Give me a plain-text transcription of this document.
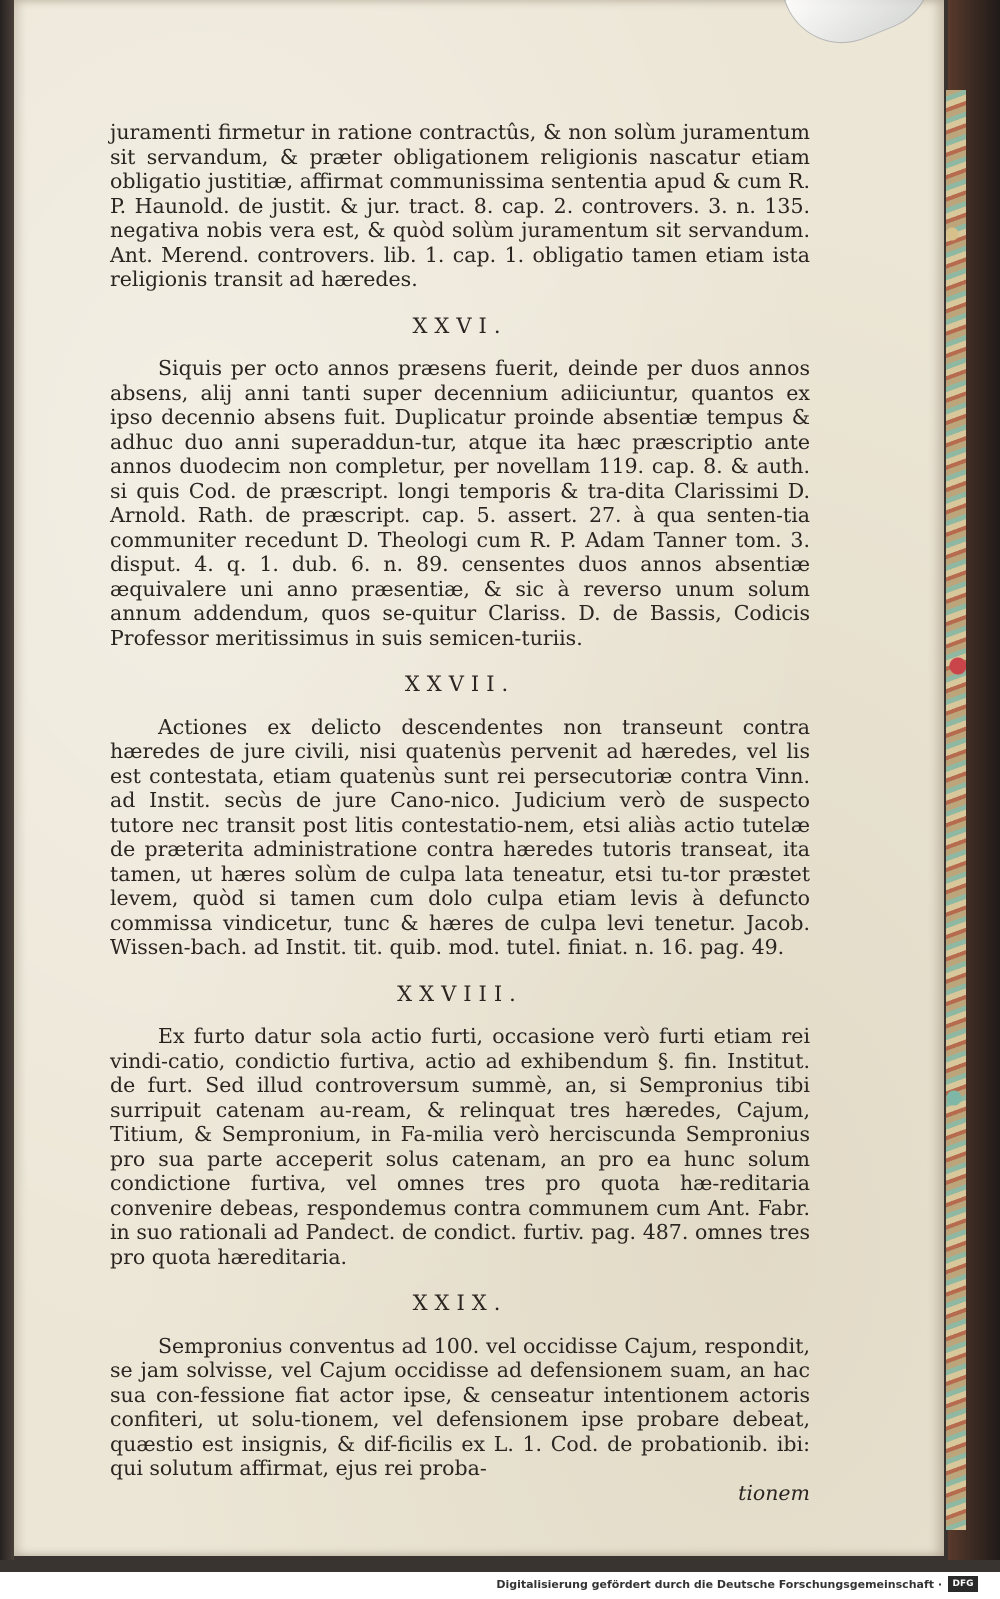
juramenti firmetur in ratione contractûs, & non solùm juramentum sit servandum, & præter obligationem religionis nascatur etiam obligatio justitiæ, affirmat communissima sententia apud & cum R. P. Haunold. de justit. & jur. tract. 8. cap. 2. controvers. 3. n. 135. negativa nobis vera est, & quòd solùm juramentum sit servandum. Ant. Merend. controvers. lib. 1. cap. 1. obligatio tamen etiam ista religionis transit ad hæredes.

XXVI.

Siquis per octo annos præsens fuerit, deinde per duos annos absens, alij anni tanti super decennium adiiciuntur, quantos ex ipso decennio absens fuit. Duplicatur proinde absentiæ tempus & adhuc duo anni superaddun-tur, atque ita hæc præscriptio ante annos duodecim non completur, per novellam 119. cap. 8. & auth. si quis Cod. de præscript. longi temporis & tra-dita Clarissimi D. Arnold. Rath. de præscript. cap. 5. assert. 27. à qua senten-tia communiter recedunt D. Theologi cum R. P. Adam Tanner tom. 3. disput. 4. q. 1. dub. 6. n. 89. censentes duos annos absentiæ æquivalere uni anno præsentiæ, & sic à reverso unum solum annum addendum, quos se-quitur Clariss. D. de Bassis, Codicis Professor meritissimus in suis semicen-turiis.

XXVII.

Actiones ex delicto descendentes non transeunt contra hæredes de jure civili, nisi quatenùs pervenit ad hæredes, vel lis est contestata, etiam quatenùs sunt rei persecutoriæ contra Vinn. ad Instit. secùs de jure Cano-nico. Judicium verò de suspecto tutore nec transit post litis contestatio-nem, etsi aliàs actio tutelæ de præterita administratione contra hæredes tutoris transeat, ita tamen, ut hæres solùm de culpa lata teneatur, etsi tu-tor præstet levem, quòd si tamen cum dolo culpa etiam levis à defuncto commissa vindicetur, tunc & hæres de culpa levi tenetur. Jacob. Wissen-bach. ad Instit. tit. quib. mod. tutel. finiat. n. 16. pag. 49.

XXVIII.

Ex furto datur sola actio furti, occasione verò furti etiam rei vindi-catio, condictio furtiva, actio ad exhibendum §. fin. Institut. de furt. Sed illud controversum summè, an, si Sempronius tibi surripuit catenam au-ream, & relinquat tres hæredes, Cajum, Titium, & Sempronium, in Fa-milia verò herciscunda Sempronius pro sua parte acceperit solus catenam, an pro ea hunc solum condictione furtiva, vel omnes tres pro quota hæ-reditaria convenire debeas, respondemus contra communem cum Ant. Fabr. in suo rationali ad Pandect. de condict. furtiv. pag. 487. omnes tres pro quota hæreditaria.

XXIX.

Sempronius conventus ad 100. vel occidisse Cajum, respondit, se jam solvisse, vel Cajum occidisse ad defensionem suam, an hac sua con-fessione fiat actor ipse, & censeatur intentionem actoris confiteri, ut solu-tionem, vel defensionem ipse probare debeat, quæstio est insignis, & dif-ficilis ex L. 1. Cod. de probationib. ibi: qui solutum affirmat, ejus rei proba-

tionem

Digitalisierung gefördert durch die Deutsche Forschungsgemeinschaft ·	DFG
